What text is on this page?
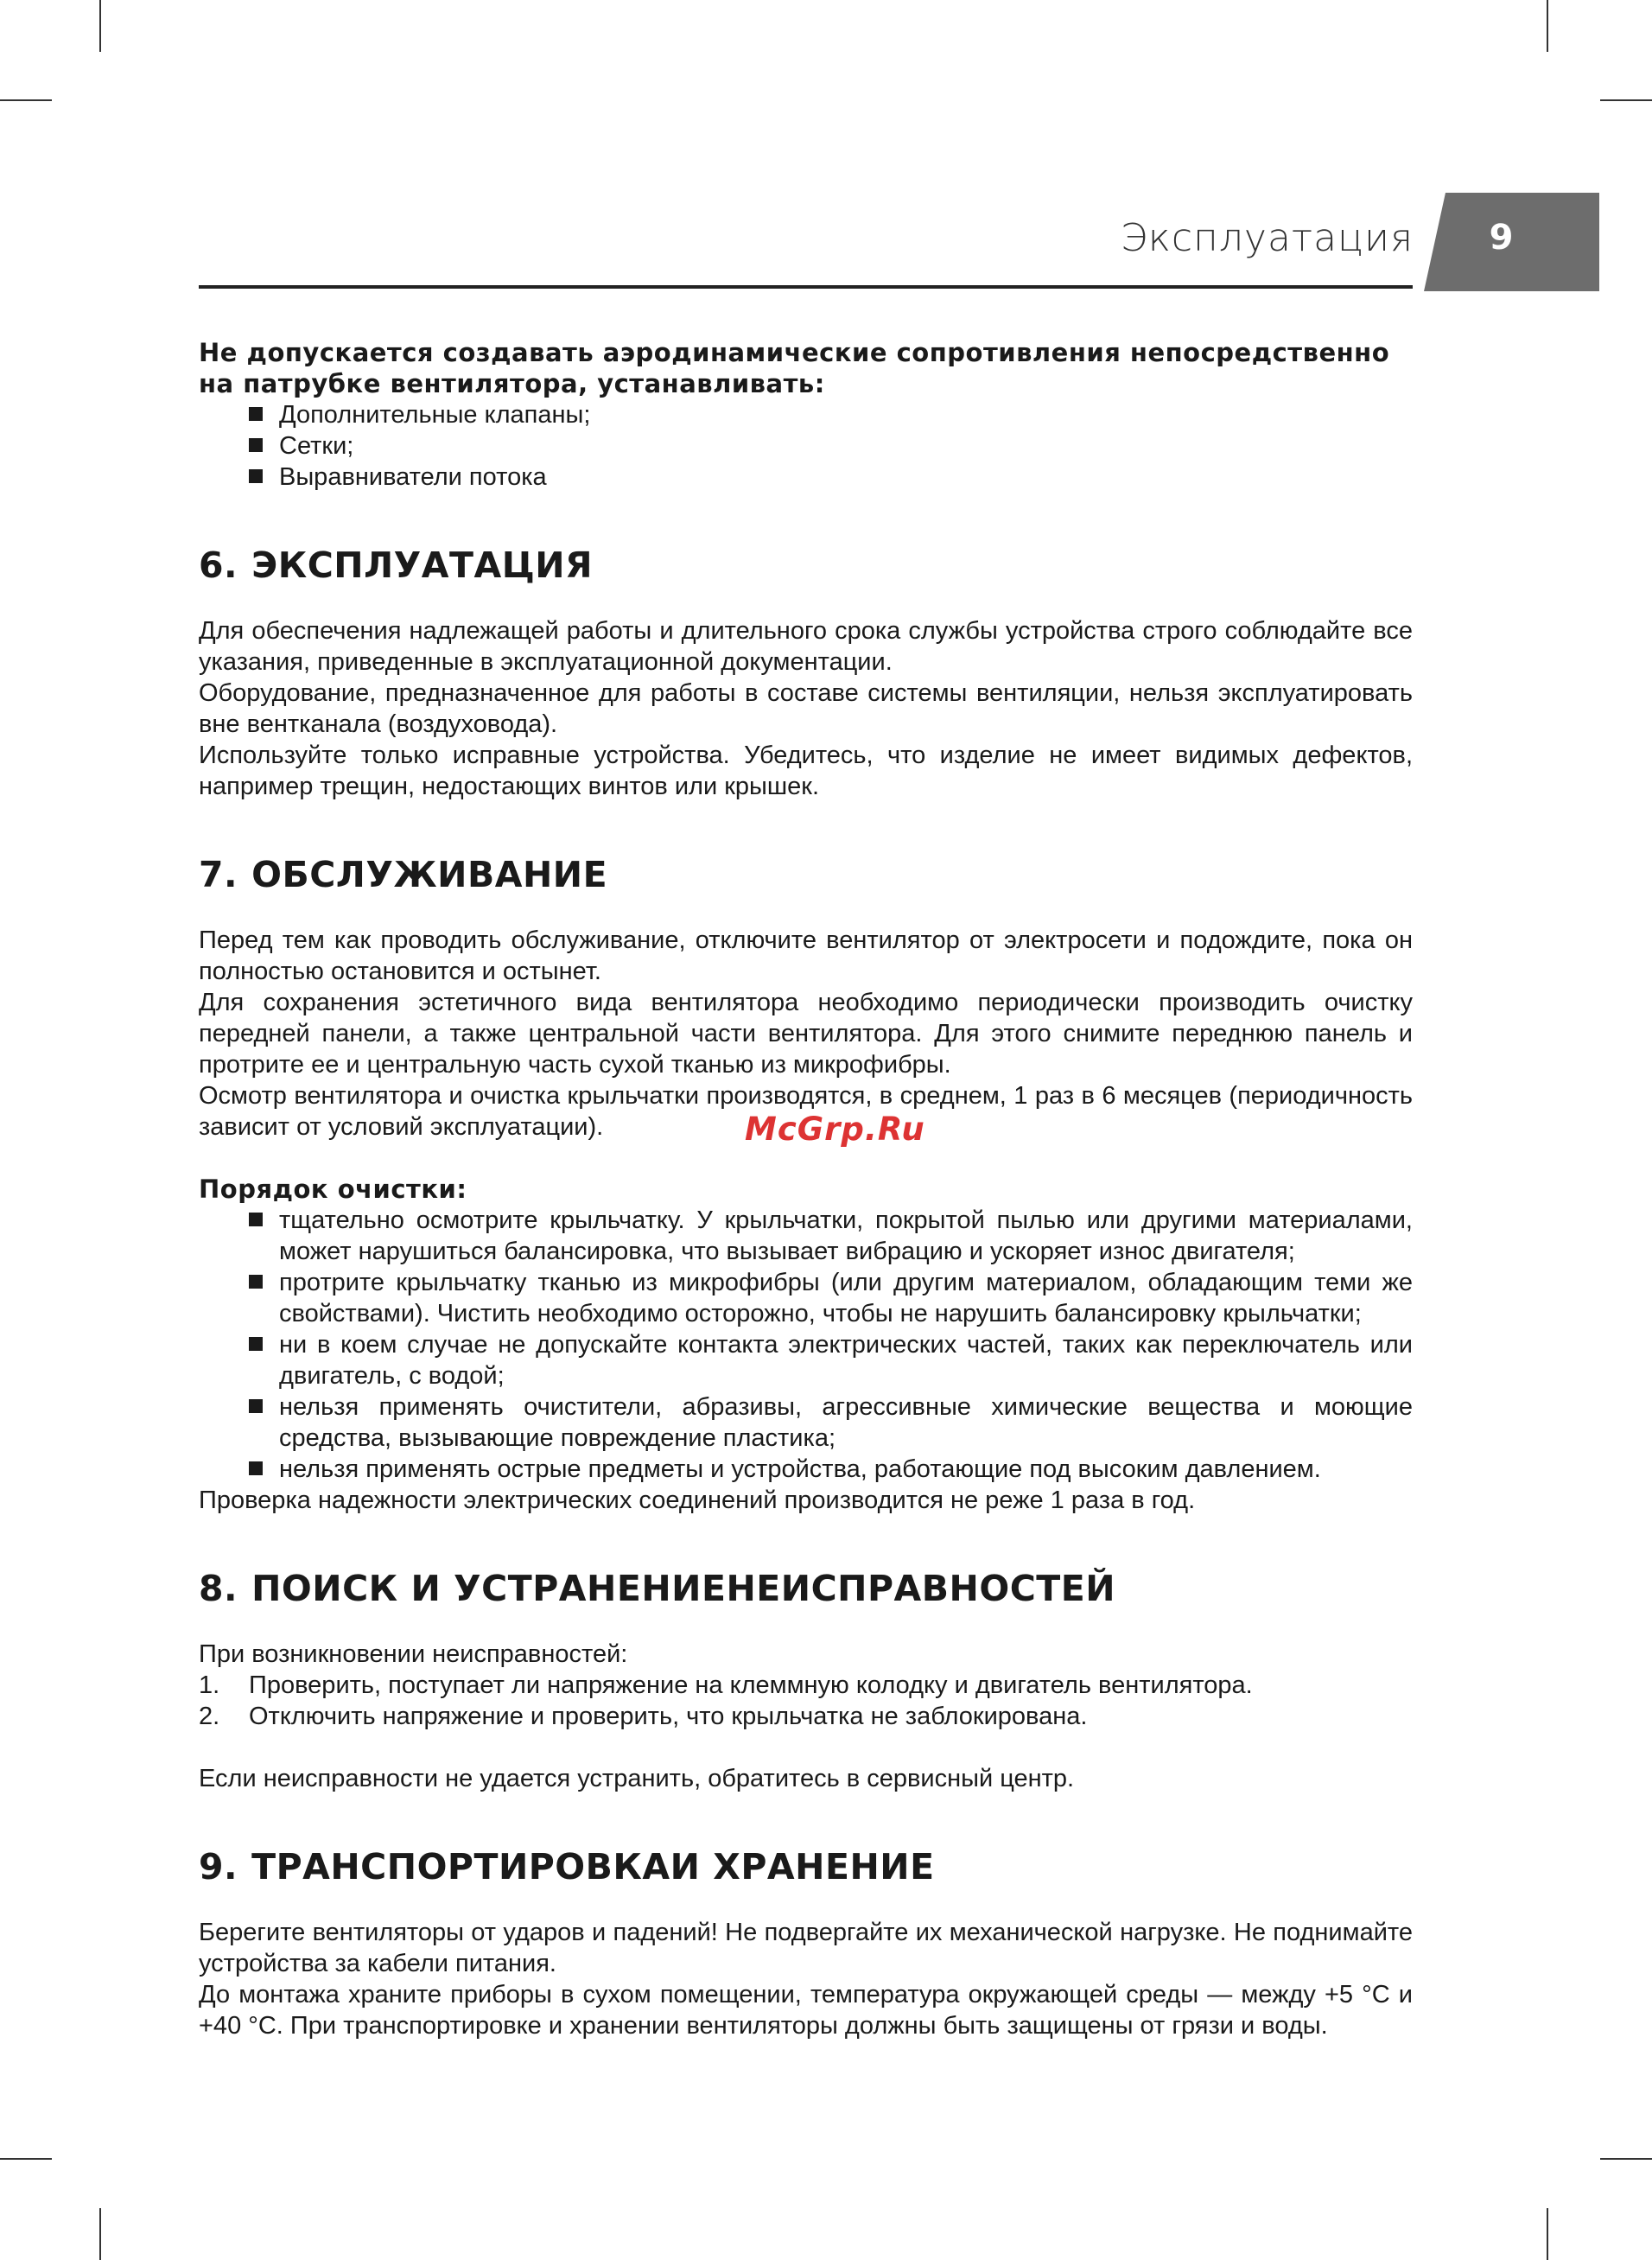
Эксплуатация 9

Не допускается создавать аэродинамические сопротивления непосредственно на патрубке вентилятора, устанавливать:

Дополнительные клапаны;
Сетки;
Выравниватели потока
6. ЭКСПЛУАТАЦИЯ

Для обеспечения надлежащей работы и длительного срока службы устройства строго соблюдайте все указания, приведенные в эксплуатационной документации.

Оборудование, предназначенное для работы в составе системы вентиляции, нельзя эксплуатировать вне вентканала (воздуховода).

Используйте только исправные устройства. Убедитесь, что изделие не имеет видимых дефектов, например трещин, недостающих винтов или крышек.

7. ОБСЛУЖИВАНИЕ

Перед тем как проводить обслуживание, отключите вентилятор от электросети и подождите, пока он полностью остановится и остынет.

Для сохранения эстетичного вида вентилятора необходимо периодически производить очистку передней панели, а также центральной части вентилятора. Для этого снимите переднюю панель и протрите ее и центральную часть сухой тканью из микрофибры.

Осмотр вентилятора и очистка крыльчатки производятся, в среднем, 1 раз в 6 месяцев (периодичность зависит от условий эксплуатации).

Порядок очистки:

тщательно осмотрите крыльчатку. У крыльчатки, покрытой пылью или другими материалами, может нарушиться балансировка, что вызывает вибрацию и ускоряет износ двигателя;
протрите крыльчатку тканью из микрофибры (или другим материалом, обладающим теми же свойствами). Чистить необходимо осторожно, чтобы не нарушить балансировку крыльчатки;
ни в коем случае не допускайте контакта электрических частей, таких как переключатель или двигатель, с водой;
нельзя применять очистители, абразивы, агрессивные химические вещества и моющие средства, вызывающие повреждение пластика;
нельзя применять острые предметы и устройства, работающие под высоким давлением.

Проверка надежности электрических соединений производится не реже 1 раза в год.

8. ПОИСК И УСТРАНЕНИЕНЕИСПРАВНОСТЕЙ

При возникновении неисправностей:

1. Проверить, поступает ли напряжение на клеммную колодку и двигатель вентилятора.
2. Отключить напряжение и проверить, что крыльчатка не заблокирована.

Если неисправности не удается устранить, обратитесь в сервисный центр.

9. ТРАНСПОРТИРОВКАИ ХРАНЕНИЕ

Берегите вентиляторы от ударов и падений! Не подвергайте их механической нагрузке. Не поднимайте устройства за кабели питания.

До монтажа храните приборы в сухом помещении, температура окружающей среды — между +5 °C и +40 °C. При транспортировке и хранении вентиляторы должны быть защищены от грязи и воды.

McGrp.Ru
